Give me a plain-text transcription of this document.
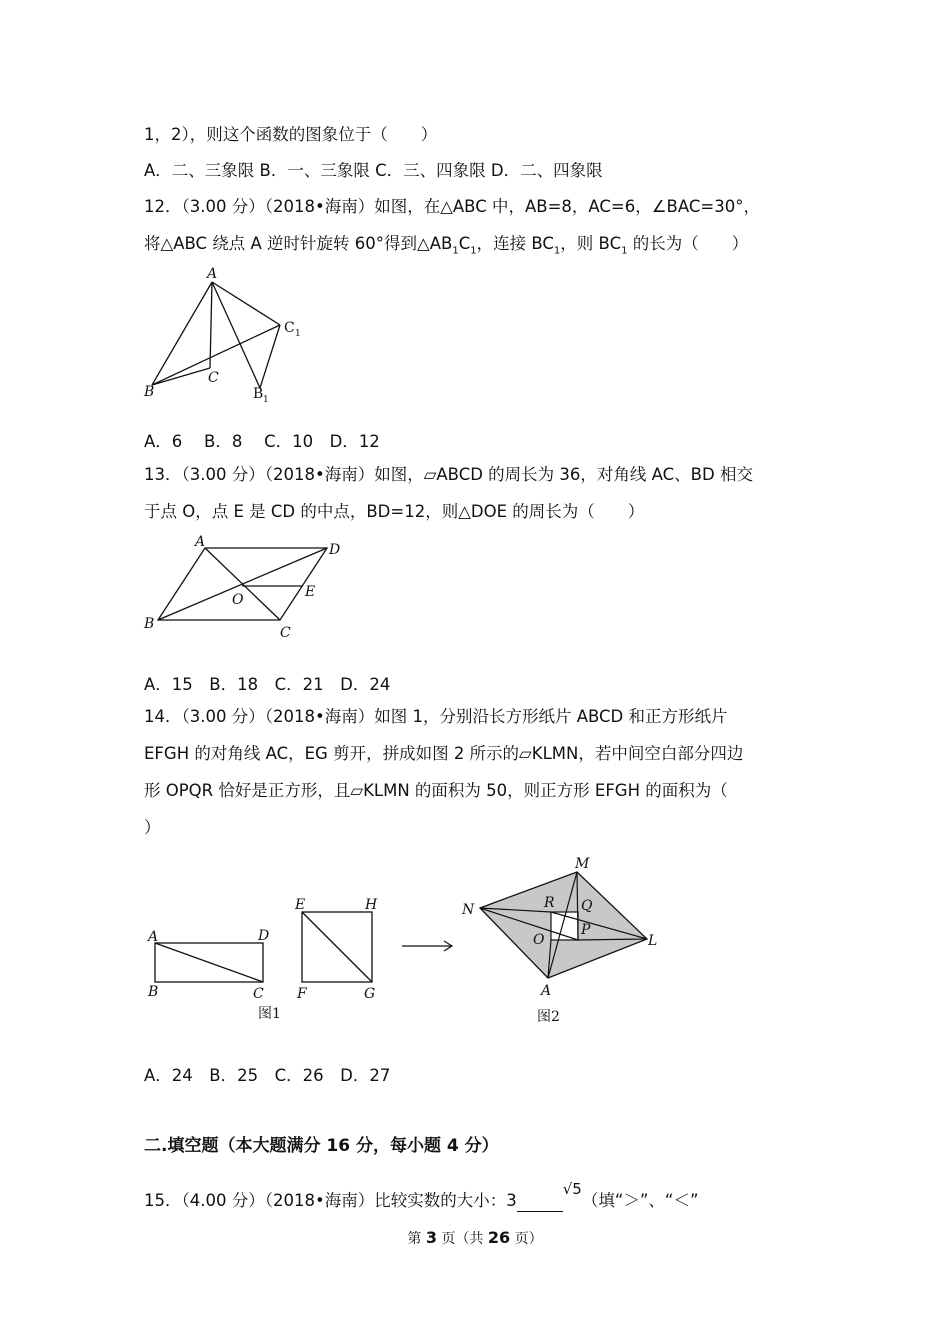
1，2），则这个函数的图象位于（　　）
A．二、三象限 B．一、三象限 C．三、四象限 D．二、四象限
12．（3.00 分）（2018•海南）如图，在△ABC 中，AB=8，AC=6，∠BAC=30°，
将△ABC 绕点 A 逆时针旋转 60°得到$\triangle AB_1C_1$，连接 $BC_1$，则 $BC_1$ 的长为（　　）
A
B
C
C 1
B 1
A．6　 B．8　 C．10　D．12
13．（3.00 分）（2018•海南）如图，▱ABCD 的周长为 36，对角线 AC、BD 相交
于点 O，点 E 是 CD 的中点，BD=12，则△DOE 的周长为（　　）
A	D
B
C
O	E
A．15　B．18　C．21　D．24
14．（3.00 分）（2018•海南）如图 1，分别沿长方形纸片 ABCD 和正方形纸片
EFGH 的对角线 AC，EG 剪开，拼成如图 2 所示的▱KLMN，若中间空白部分四边
形 OPQR 恰好是正方形，且▱KLMN 的面积为 50，则正方形 EFGH 的面积为（
）
A	D
B	C
E	H
F	G
图1
M
N
L
A
R Q
O
P
图2
A．24　B．25　C．26　D．27
二.填空题（本大题满分 16 分，每小题 4 分）
15．（4.00 分）（2018•海南）比较实数的大小：3√5（填“＞”、“＜”
第 3 页（共 26 页）
